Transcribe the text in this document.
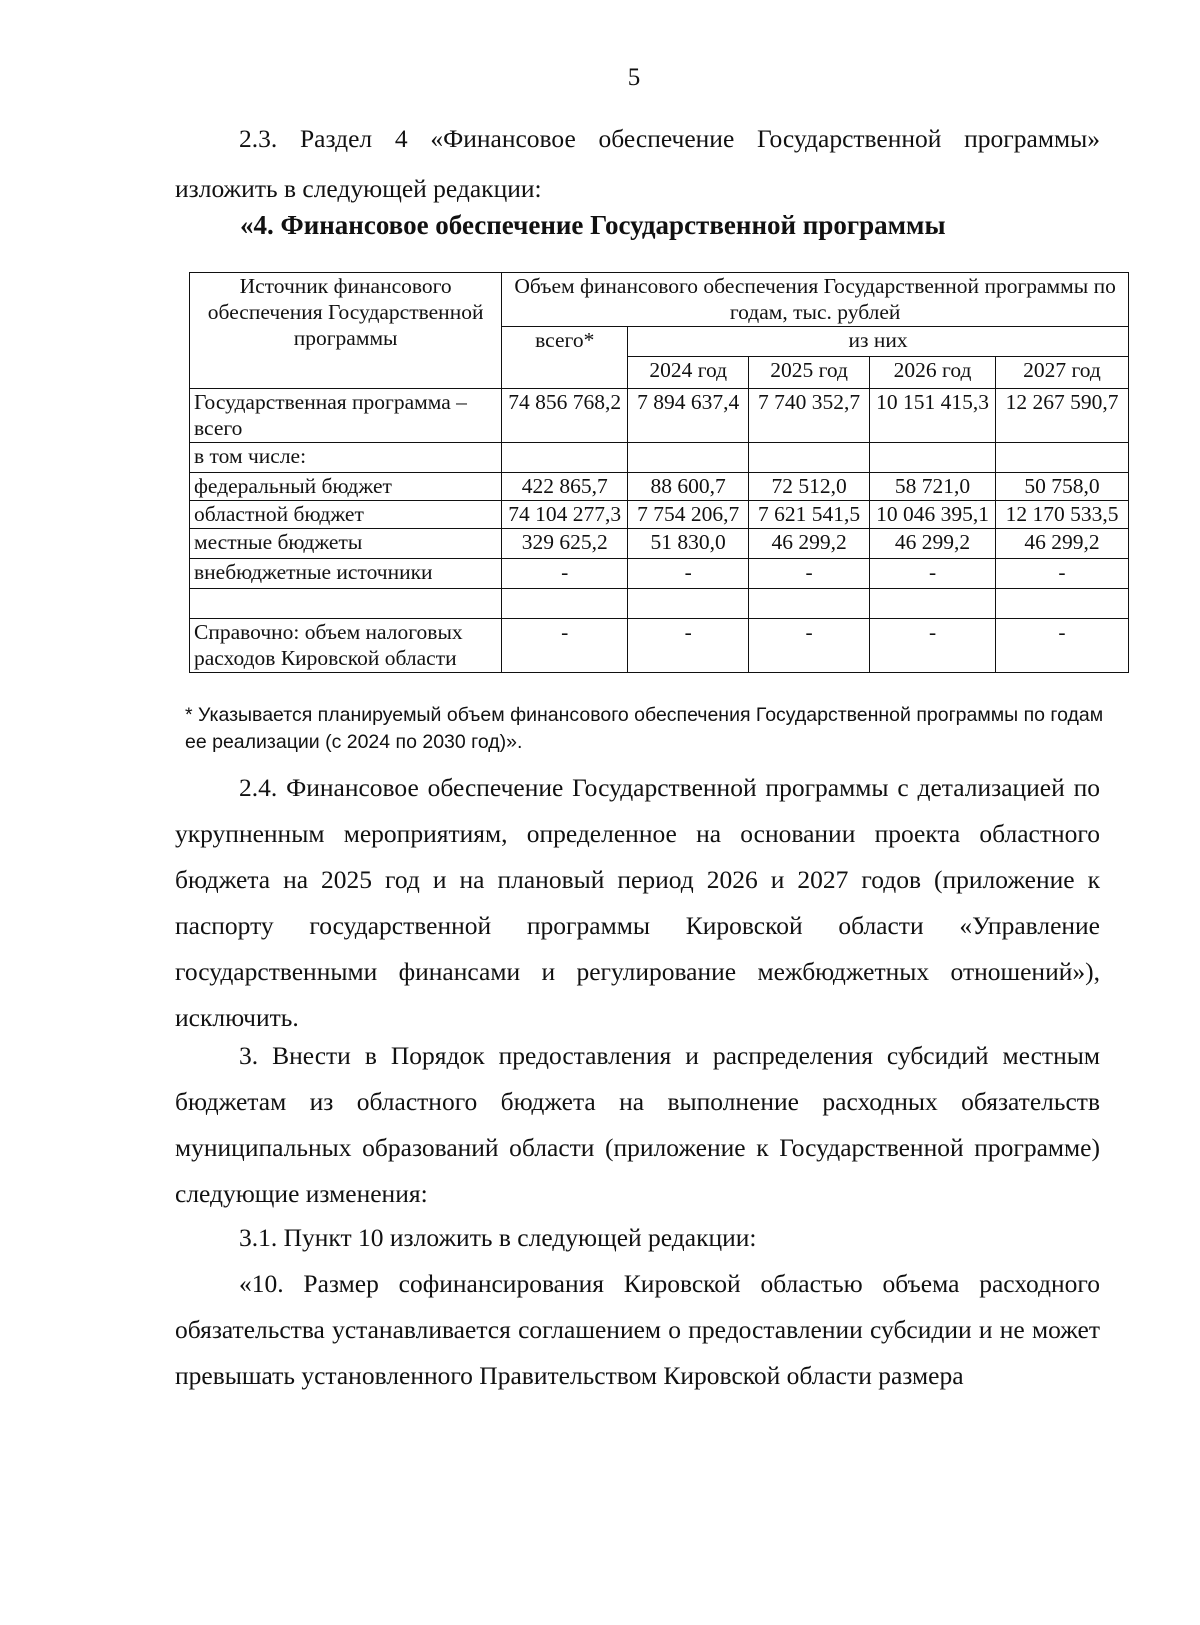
5

2.3. Раздел 4 «Финансовое обеспечение Государственной программы» изложить в следующей редакции:

«4. Финансовое обеспечение Государственной программы
Источник финансового обеспечения Государственной программы	Объем финансового обеспечения Государственной программы по годам, тыс. рублей				
	всего*	из них			
		2024 год	2025 год	2026 год	2027 год
Государственная программа – всего	74 856 768,2	7 894 637,4	7 740 352,7	10 151 415,3	12 267 590,7
в том числе:					
федеральный бюджет	422 865,7	88 600,7	72 512,0	58 721,0	50 758,0
областной бюджет	74 104 277,3	7 754 206,7	7 621 541,5	10 046 395,1	12 170 533,5
местные бюджеты	329 625,2	51 830,0	46 299,2	46 299,2	46 299,2
внебюджетные источники	-	-	-	-	-

Справочно: объем налоговых расходов Кировской области	-	-	-	-	-
* Указывается планируемый объем финансового обеспечения Государственной программы по годам ее реализации (с 2024 по 2030 год)».

2.4. Финансовое обеспечение Государственной программы с детализацией по укрупненным мероприятиям, определенное на основании проекта областного бюджета на 2025 год и на плановый период 2026 и 2027 годов (приложение к паспорту государственной программы Кировской области «Управление государственными финансами и регулирование межбюджетных отношений»), исключить.

3. Внести в Порядок предоставления и распределения субсидий местным бюджетам из областного бюджета на выполнение расходных обязательств муниципальных образований области (приложение к Государственной программе) следующие изменения:

3.1. Пункт 10 изложить в следующей редакции:

«10. Размер софинансирования Кировской областью объема расходного обязательства устанавливается соглашением о предоставлении субсидии и не может превышать установленного Правительством Кировской области размера
